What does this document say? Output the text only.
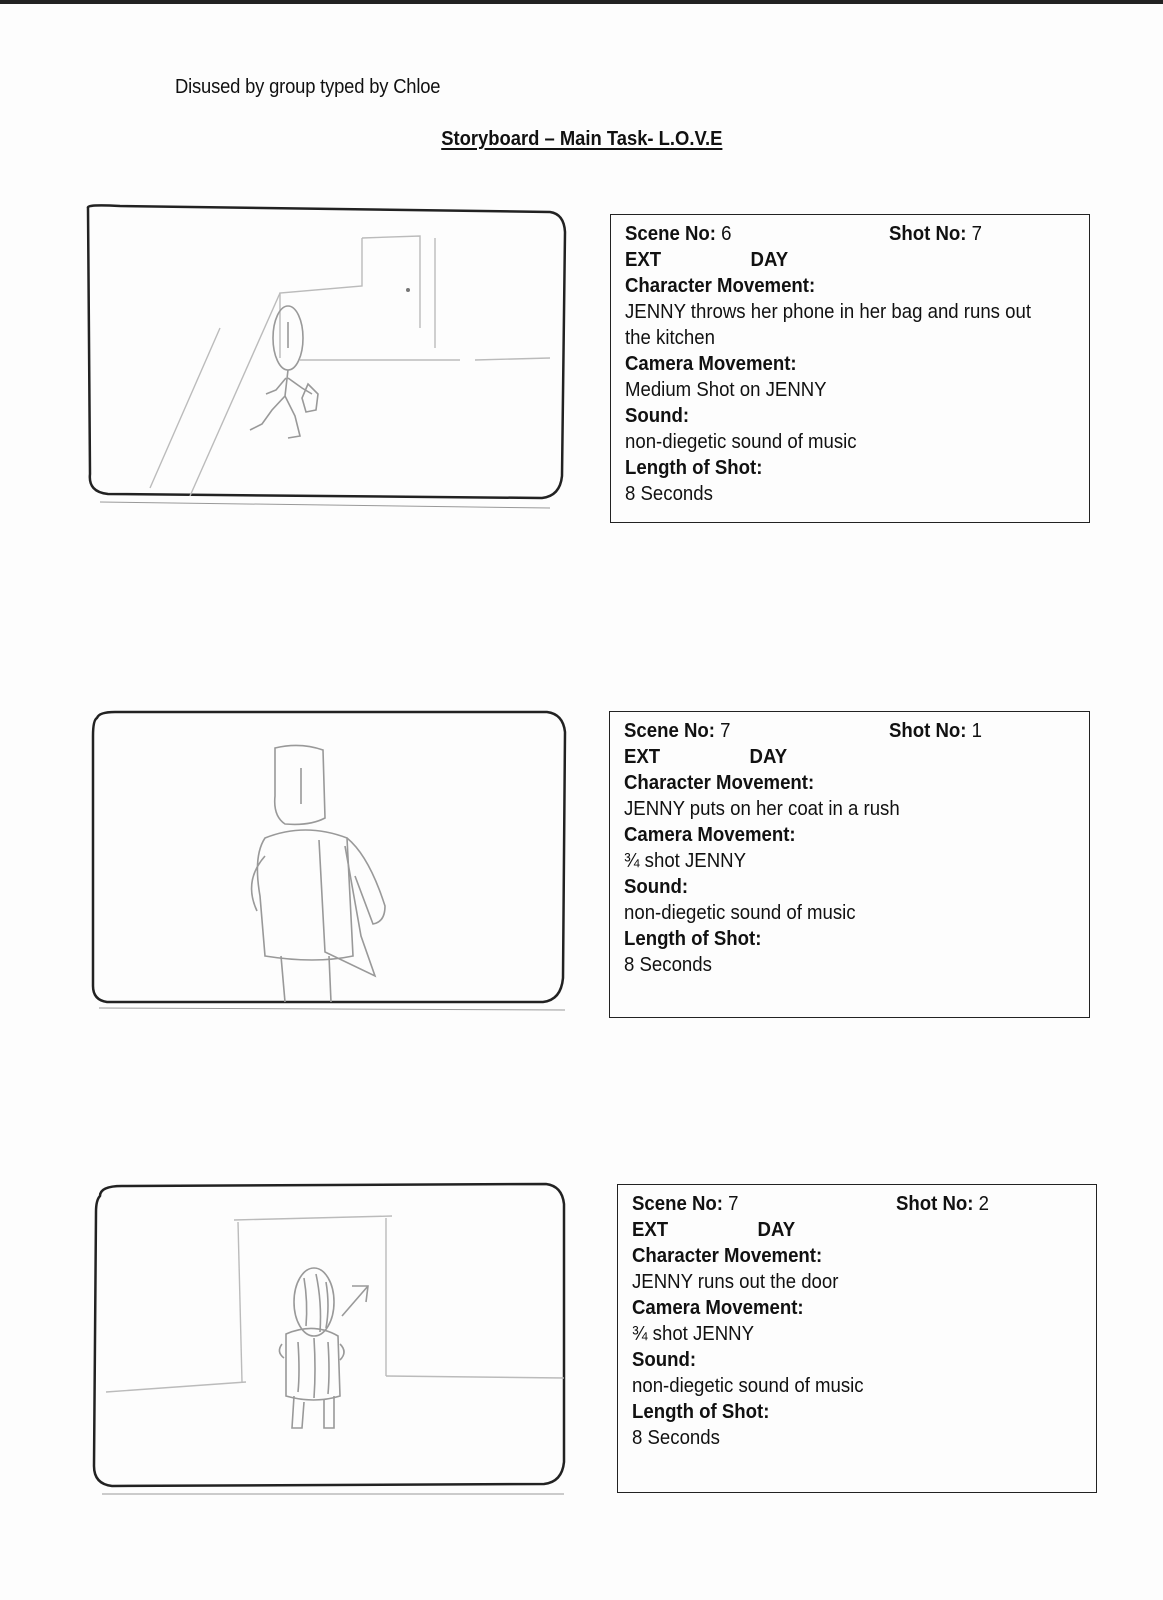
Disused by group typed by Chloe
Storyboard – Main Task- L.O.V.E
Scene No: 6	Shot No: 7
EXT	DAY
Character Movement:
JENNY throws her phone in her bag and runs out the kitchen
Camera Movement:
Medium Shot on JENNY
Sound:
non-diegetic sound of music
Length of Shot:
8 Seconds
Scene No: 7	Shot No: 1
EXT	DAY
Character Movement:
JENNY puts on her coat in a rush
Camera Movement:
¾ shot JENNY
Sound:
non-diegetic sound of music
Length of Shot:
8 Seconds
Scene No: 7	Shot No: 2
EXT	DAY
Character Movement:
JENNY runs out the door
Camera Movement:
¾ shot JENNY
Sound:
non-diegetic sound of music
Length of Shot:
8 Seconds
